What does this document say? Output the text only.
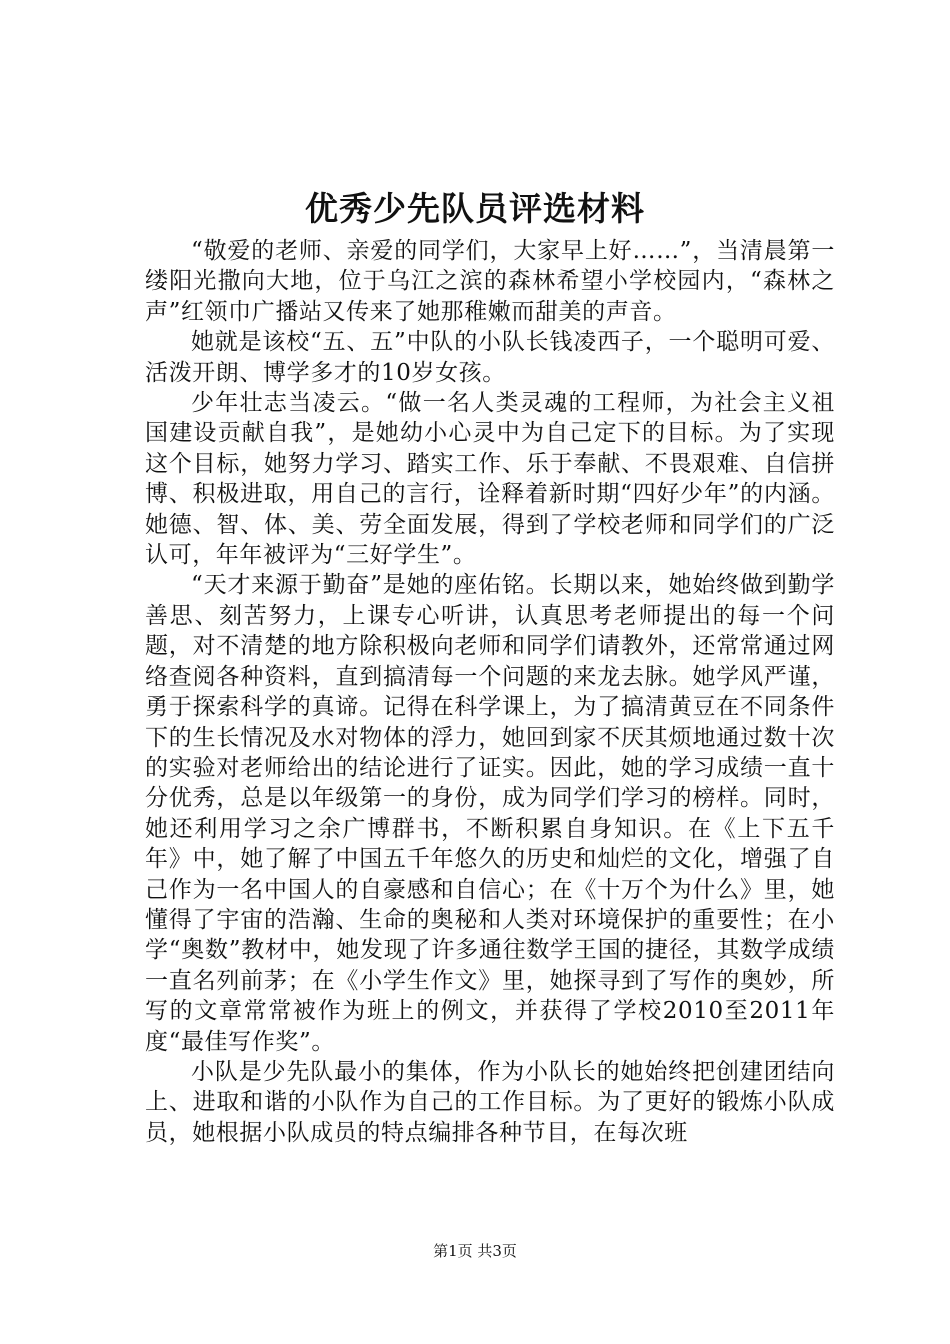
优秀少先队员评选材料

“敬爱的老师、亲爱的同学们，大家早上好……”，当清晨第一缕阳光撒向大地，位于乌江之滨的森林希望小学校园内，“森林之声”红领巾广播站又传来了她那稚嫩而甜美的声音。

她就是该校“五、五”中队的小队长钱凌西子，一个聪明可爱、活泼开朗、博学多才的10岁女孩。

少年壮志当凌云。“做一名人类灵魂的工程师，为社会主义祖国建设贡献自我”，是她幼小心灵中为自己定下的目标。为了实现这个目标，她努力学习、踏实工作、乐于奉献、不畏艰难、自信拼博、积极进取，用自己的言行，诠释着新时期“四好少年”的内涵。她德、智、体、美、劳全面发展，得到了学校老师和同学们的广泛认可，年年被评为“三好学生”。

“天才来源于勤奋”是她的座佑铭。长期以来，她始终做到勤学善思、刻苦努力，上课专心听讲，认真思考老师提出的每一个问题，对不清楚的地方除积极向老师和同学们请教外，还常常通过网络查阅各种资料，直到搞清每一个问题的来龙去脉。她学风严谨，勇于探索科学的真谛。记得在科学课上，为了搞清黄豆在不同条件下的生长情况及水对物体的浮力，她回到家不厌其烦地通过数十次的实验对老师给出的结论进行了证实。因此，她的学习成绩一直十分优秀，总是以年级第一的身份，成为同学们学习的榜样。同时，她还利用学习之余广博群书，不断积累自身知识。在《上下五千年》中，她了解了中国五千年悠久的历史和灿烂的文化，增强了自己作为一名中国人的自豪感和自信心；在《十万个为什么》里，她懂得了宇宙的浩瀚、生命的奥秘和人类对环境保护的重要性；在小学“奥数”教材中，她发现了许多通往数学王国的捷径，其数学成绩一直名列前茅；在《小学生作文》里，她探寻到了写作的奥妙，所写的文章常常被作为班上的例文，并获得了学校2010至2011年度“最佳写作奖”。

小队是少先队最小的集体，作为小队长的她始终把创建团结向上、进取和谐的小队作为自己的工作目标。为了更好的锻炼小队成员，她根据小队成员的特点编排各种节目，在每次班

第1页 共3页
